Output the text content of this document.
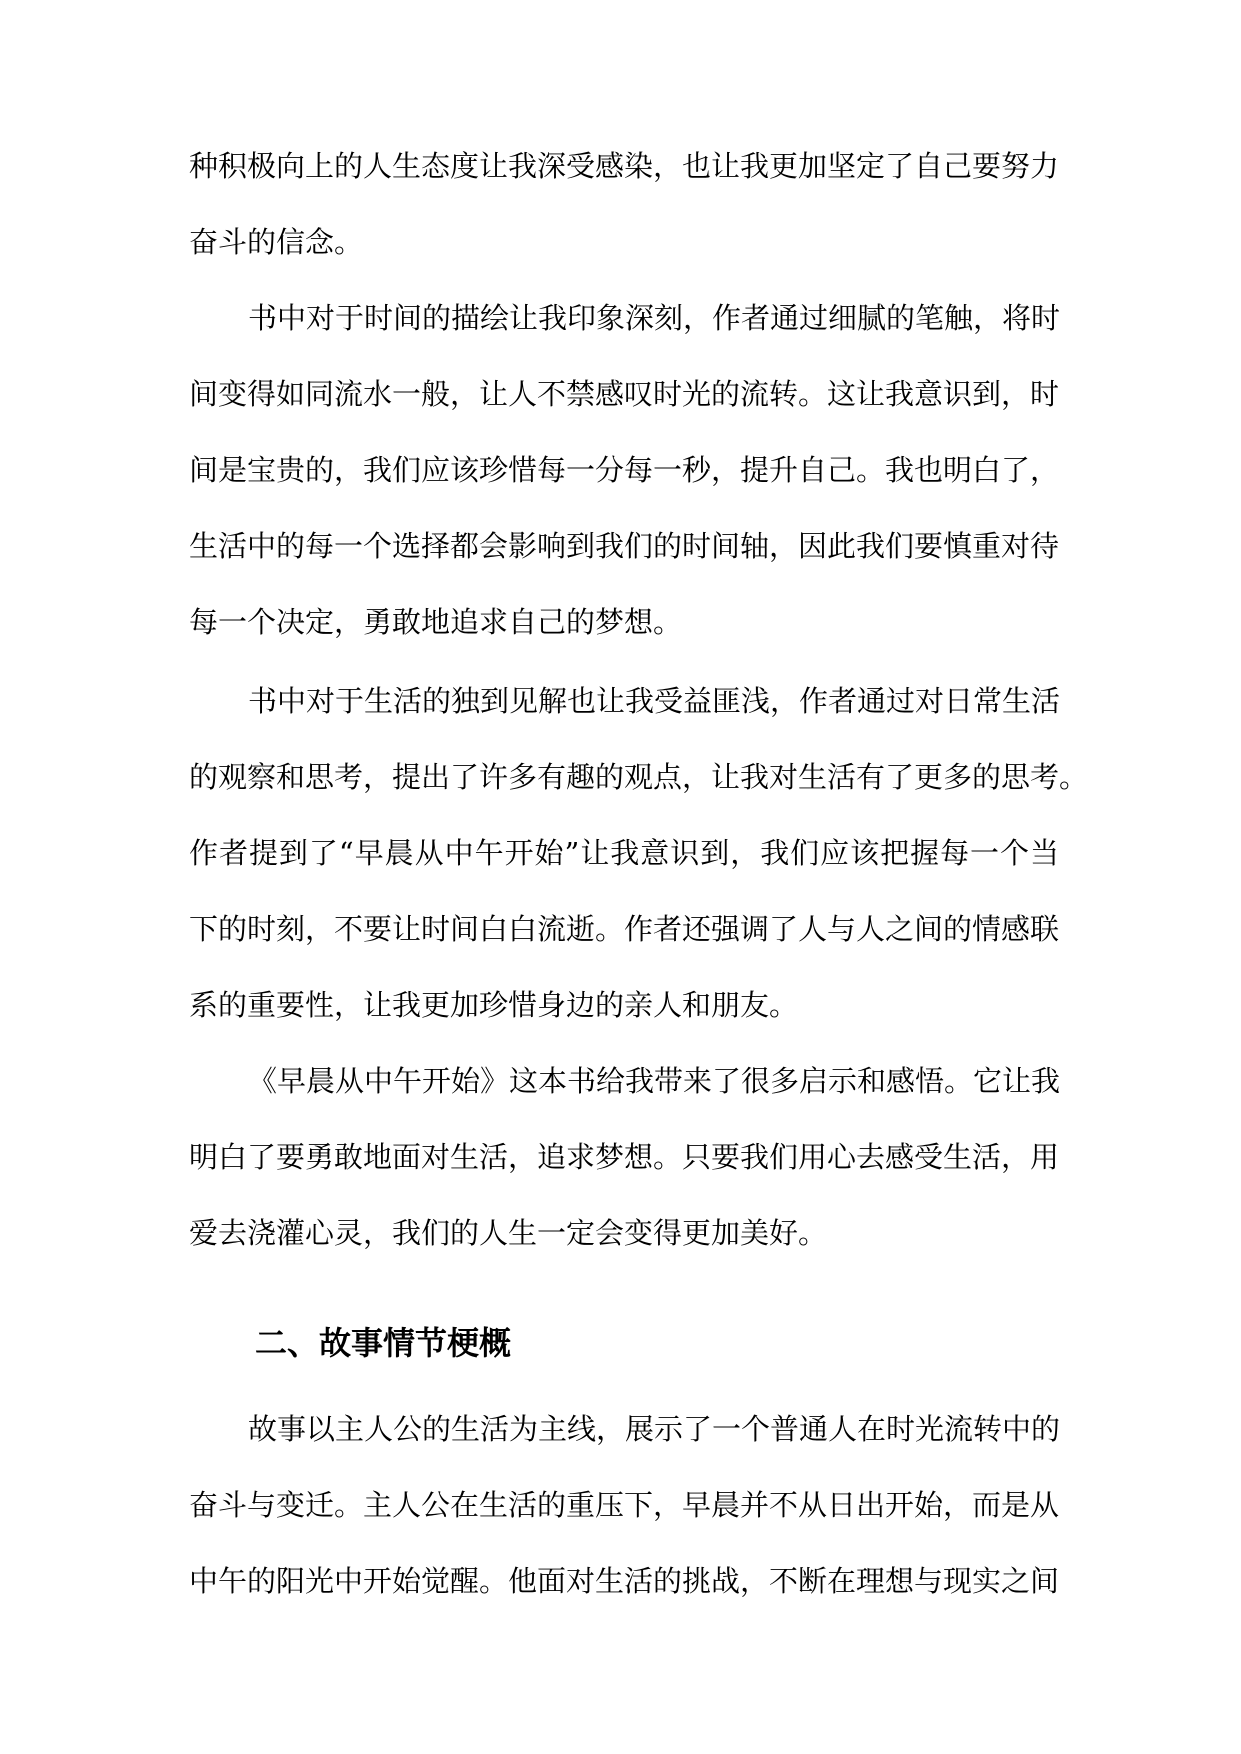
种积极向上的人生态度让我深受感染，也让我更加坚定了自己要努力
奋斗的信念。
书中对于时间的描绘让我印象深刻，作者通过细腻的笔触，将时
间变得如同流水一般，让人不禁感叹时光的流转。这让我意识到，时
间是宝贵的，我们应该珍惜每一分每一秒，提升自己。我也明白了，
生活中的每一个选择都会影响到我们的时间轴，因此我们要慎重对待
每一个决定，勇敢地追求自己的梦想。
书中对于生活的独到见解也让我受益匪浅，作者通过对日常生活
的观察和思考，提出了许多有趣的观点，让我对生活有了更多的思考。
作者提到了“早晨从中午开始”让我意识到，我们应该把握每一个当
下的时刻，不要让时间白白流逝。作者还强调了人与人之间的情感联
系的重要性，让我更加珍惜身边的亲人和朋友。
《早晨从中午开始》这本书给我带来了很多启示和感悟。它让我
明白了要勇敢地面对生活，追求梦想。只要我们用心去感受生活，用
爱去浇灌心灵，我们的人生一定会变得更加美好。
二、故事情节梗概
故事以主人公的生活为主线，展示了一个普通人在时光流转中的
奋斗与变迁。主人公在生活的重压下，早晨并不从日出开始，而是从
中午的阳光中开始觉醒。他面对生活的挑战，不断在理想与现实之间
